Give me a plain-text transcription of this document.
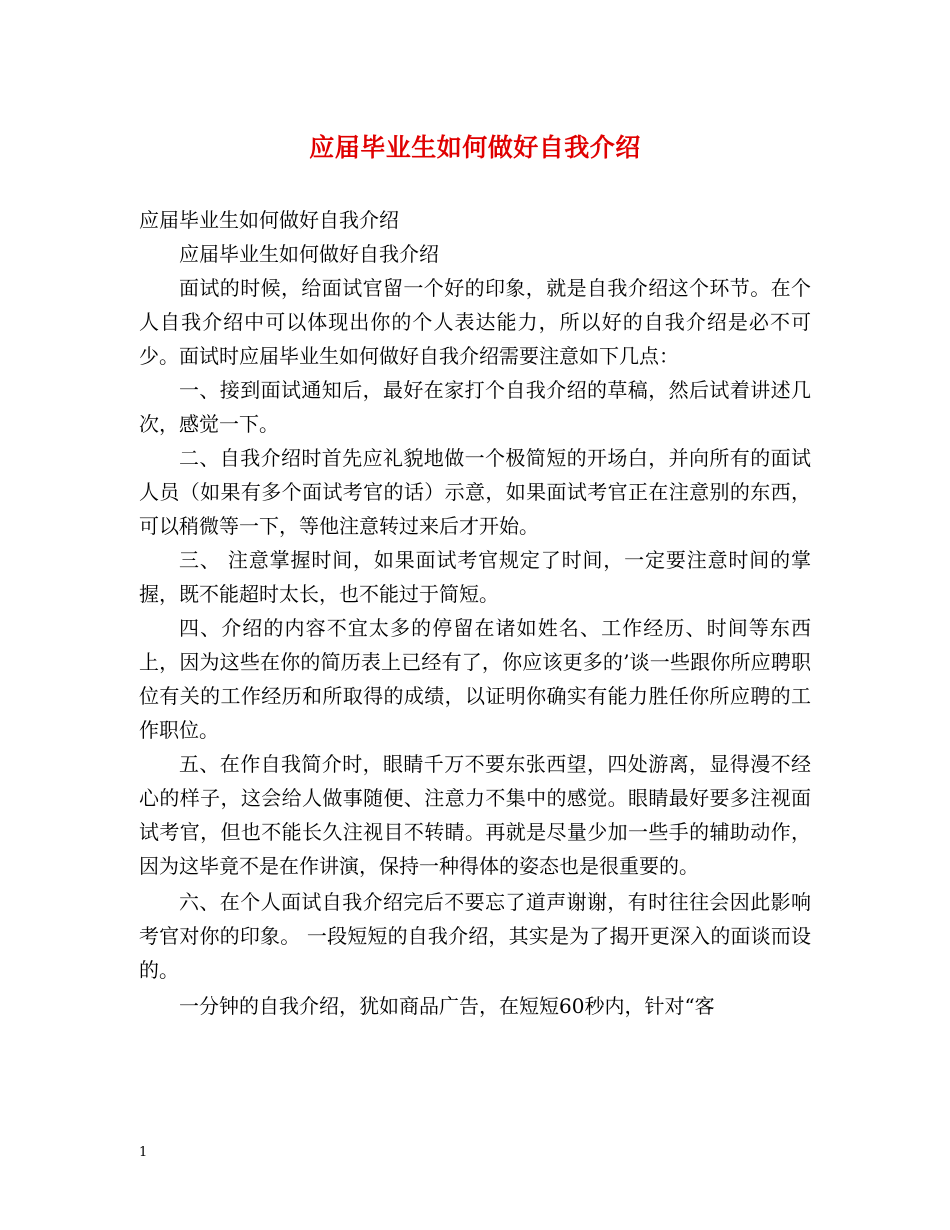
应届毕业生如何做好自我介绍

应届毕业生如何做好自我介绍

应届毕业生如何做好自我介绍

面试的时候，给面试官留一个好的印象，就是自我介绍这个环节。在个人自我介绍中可以体现出你的个人表达能力，所以好的自我介绍是必不可少。面试时应届毕业生如何做好自我介绍需要注意如下几点：

一、接到面试通知后，最好在家打个自我介绍的草稿，然后试着讲述几次，感觉一下。

二、自我介绍时首先应礼貌地做一个极简短的开场白，并向所有的面试人员（如果有多个面试考官的话）示意，如果面试考官正在注意别的东西，可以稍微等一下，等他注意转过来后才开始。

三、 注意掌握时间，如果面试考官规定了时间，一定要注意时间的掌握，既不能超时太长，也不能过于简短。

四、介绍的内容不宜太多的停留在诸如姓名、工作经历、时间等东西上，因为这些在你的简历表上已经有了，你应该更多的’谈一些跟你所应聘职位有关的工作经历和所取得的成绩，以证明你确实有能力胜任你所应聘的工作职位。

五、在作自我简介时，眼睛千万不要东张西望，四处游离，显得漫不经心的样子，这会给人做事随便、注意力不集中的感觉。眼睛最好要多注视面试考官，但也不能长久注视目不转睛。再就是尽量少加一些手的辅助动作，因为这毕竟不是在作讲演，保持一种得体的姿态也是很重要的。

六、在个人面试自我介绍完后不要忘了道声谢谢，有时往往会因此影响考官对你的印象。 一段短短的自我介绍，其实是为了揭开更深入的面谈而设的。

一分钟的自我介绍，犹如商品广告，在短短60秒内，针对“客

1
